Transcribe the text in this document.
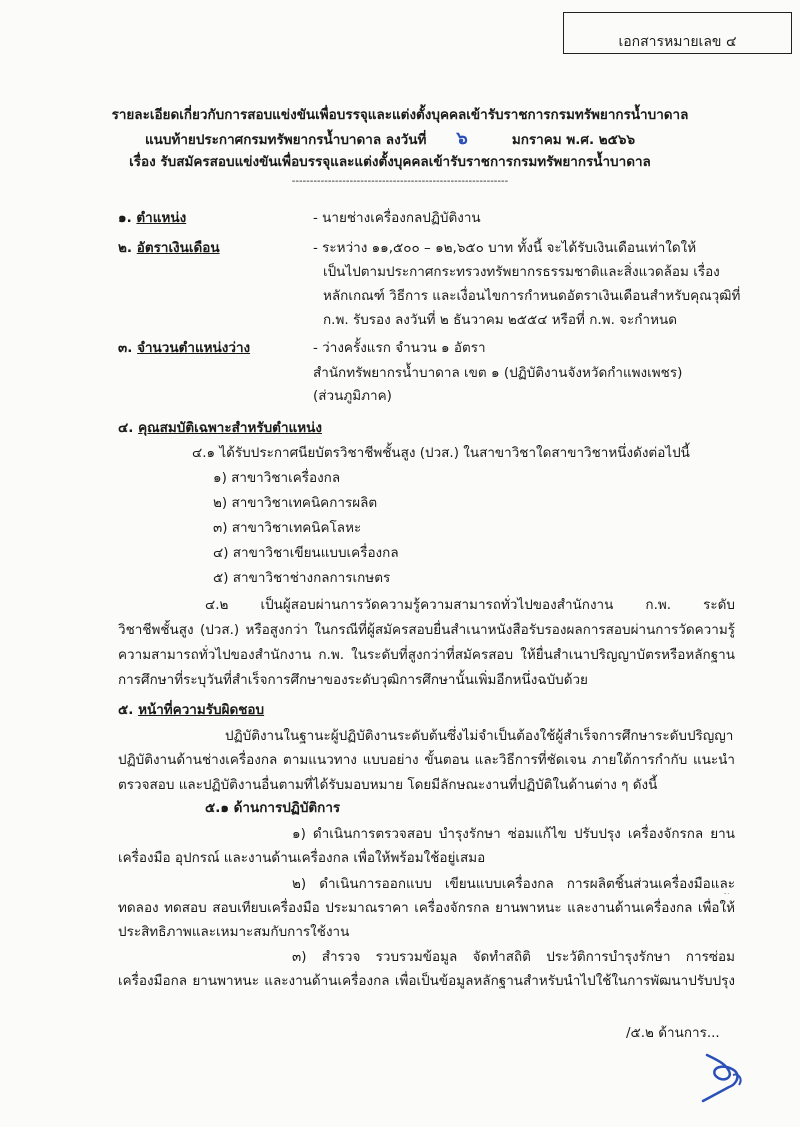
เอกสารหมายเลข ๔
รายละเอียดเกี่ยวกับการสอบแข่งขันเพื่อบรรจุและแต่งตั้งบุคคลเข้ารับราชการกรมทรัพยากรน้ำบาดาล
แนบท้ายประกาศกรมทรัพยากรน้ำบาดาล ลงวันที่ ๖	มกราคม พ.ศ. ๒๕๖๖
เรื่อง รับสมัครสอบแข่งขันเพื่อบรรจุและแต่งตั้งบุคคลเข้ารับราชการกรมทรัพยากรน้ำบาดาล
------------------------------------------------------------
๑. ตำแหน่ง	- นายช่างเครื่องกลปฏิบัติงาน
๒. อัตราเงินเดือน	- ระหว่าง ๑๑,๕๐๐ – ๑๒,๖๕๐ บาท ทั้งนี้ จะได้รับเงินเดือนเท่าใดให้
เป็นไปตามประกาศกระทรวงทรัพยากรธรรมชาติและสิ่งแวดล้อม เรื่อง
หลักเกณฑ์ วิธีการ และเงื่อนไขการกำหนดอัตราเงินเดือนสำหรับคุณวุฒิที่
ก.พ. รับรอง ลงวันที่ ๒ ธันวาคม ๒๕๕๔ หรือที่ ก.พ. จะกำหนด
๓. จำนวนตำแหน่งว่าง	- ว่างครั้งแรก จำนวน ๑ อัตรา
สำนักทรัพยากรน้ำบาดาล เขต ๑ (ปฏิบัติงานจังหวัดกำแพงเพชร)
(ส่วนภูมิภาค)
๔. คุณสมบัติเฉพาะสำหรับตำแหน่ง
๔.๑ ได้รับประกาศนียบัตรวิชาชีพชั้นสูง (ปวส.) ในสาขาวิชาใดสาขาวิชาหนึ่งดังต่อไปนี้
๑) สาขาวิชาเครื่องกล
๒) สาขาวิชาเทคนิคการผลิต
๓) สาขาวิชาเทคนิคโลหะ
๔) สาขาวิชาเขียนแบบเครื่องกล
๕) สาขาวิชาช่างกลการเกษตร
๔.๒ เป็นผู้สอบผ่านการวัดความรู้ความสามารถทั่วไปของสำนักงาน ก.พ. ระดับ
วิชาชีพชั้นสูง (ปวส.) หรือสูงกว่า ในกรณีที่ผู้สมัครสอบยื่นสำเนาหนังสือรับรองผลการสอบผ่านการวัดความรู้
ความสามารถทั่วไปของสำนักงาน ก.พ. ในระดับที่สูงกว่าที่สมัครสอบ ให้ยื่นสำเนาปริญญาบัตรหรือหลักฐาน
การศึกษาที่ระบุวันที่สำเร็จการศึกษาของระดับวุฒิการศึกษานั้นเพิ่มอีกหนึ่งฉบับด้วย
๕. หน้าที่ความรับผิดชอบ
ปฏิบัติงานในฐานะผู้ปฏิบัติงานระดับต้นซึ่งไม่จำเป็นต้องใช้ผู้สำเร็จการศึกษาระดับปริญญา
ปฏิบัติงานด้านช่างเครื่องกล ตามแนวทาง แบบอย่าง ขั้นตอน และวิธีการที่ชัดเจน ภายใต้การกำกับ แนะนำ
ตรวจสอบ และปฏิบัติงานอื่นตามที่ได้รับมอบหมาย โดยมีลักษณะงานที่ปฏิบัติในด้านต่าง ๆ ดังนี้
๕.๑ ด้านการปฏิบัติการ
๑) ดำเนินการตรวจสอบ บำรุงรักษา ซ่อมแก้ไข ปรับปรุง เครื่องจักรกล ยาน
เครื่องมือ อุปกรณ์ และงานด้านเครื่องกล เพื่อให้พร้อมใช้อยู่เสมอ
๒) ดำเนินการออกแบบ เขียนแบบเครื่องกล การผลิตชิ้นส่วนเครื่องมือและ
ทดลอง ทดสอบ สอบเทียบเครื่องมือ ประมาณราคา เครื่องจักรกล ยานพาหนะ และงานด้านเครื่องกล เพื่อให้
ประสิทธิภาพและเหมาะสมกับการใช้งาน
๓) สำรวจ รวบรวมข้อมูล จัดทำสถิติ ประวัติการบำรุงรักษา การซ่อม
เครื่องมือกล ยานพาหนะ และงานด้านเครื่องกล เพื่อเป็นข้อมูลหลักฐานสำหรับนำไปใช้ในการพัฒนาปรับปรุง
/๕.๒ ด้านการ...
